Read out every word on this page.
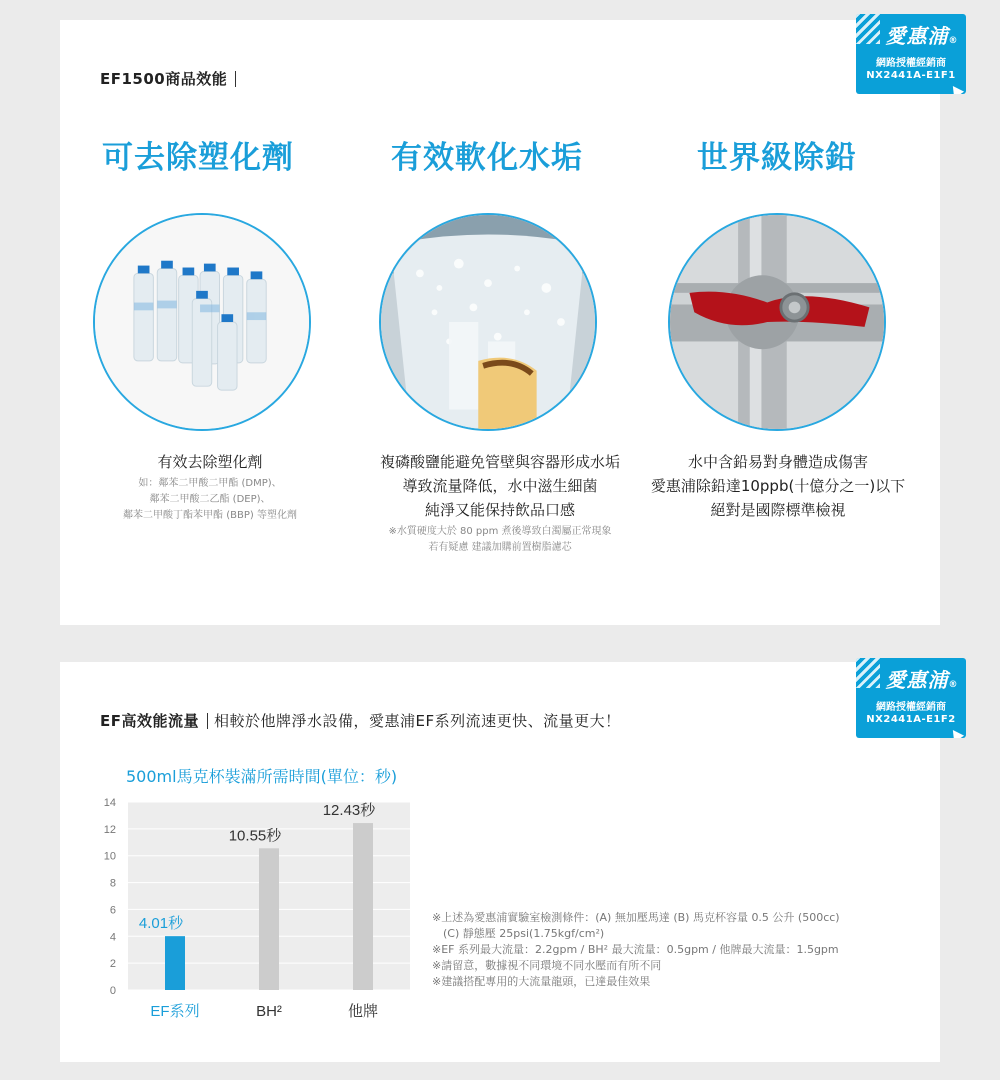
愛惠浦®
網路授權經銷商
NX2441A-E1F1
EF1500商品效能
可去除塑化劑
有效去除塑化劑
如：鄰苯二甲酸二甲酯 (DMP)、
鄰苯二甲酸二乙酯 (DEP)、
鄰苯二甲酸丁酯苯甲酯 (BBP) 等塑化劑
有效軟化水垢
複磷酸鹽能避免管壁與容器形成水垢
導致流量降低，水中滋生細菌
純淨又能保持飲品口感
※水質硬度大於 80 ppm 煮後導致白濁屬正常現象
若有疑慮 建議加購前置樹脂濾芯
世界級除鉛
水中含鉛易對身體造成傷害
愛惠浦除鉛達10ppb(十億分之一)以下
絕對是國際標準檢視
愛惠浦®
網路授權經銷商
NX2441A-E1F2
EF高效能流量 相較於他牌淨水設備，愛惠浦EF系列流速更快、流量更大！
500ml馬克杯裝滿所需時間(單位：秒)
0
2
4
6
8
10
12
14
4.01秒
EF系列
10.55秒
BH²
12.43秒
他牌
※上述為愛惠浦實驗室檢測條件：(A) 無加壓馬達 (B) 馬克杯容量 0.5 公升 (500cc)
　(C) 靜態壓 25psi(1.75kgf/cm²)
※EF 系列最大流量：2.2gpm / BH² 最大流量：0.5gpm / 他牌最大流量：1.5gpm
※請留意，數據視不同環境不同水壓而有所不同
※建議搭配專用的大流量龍頭，已達最佳效果
